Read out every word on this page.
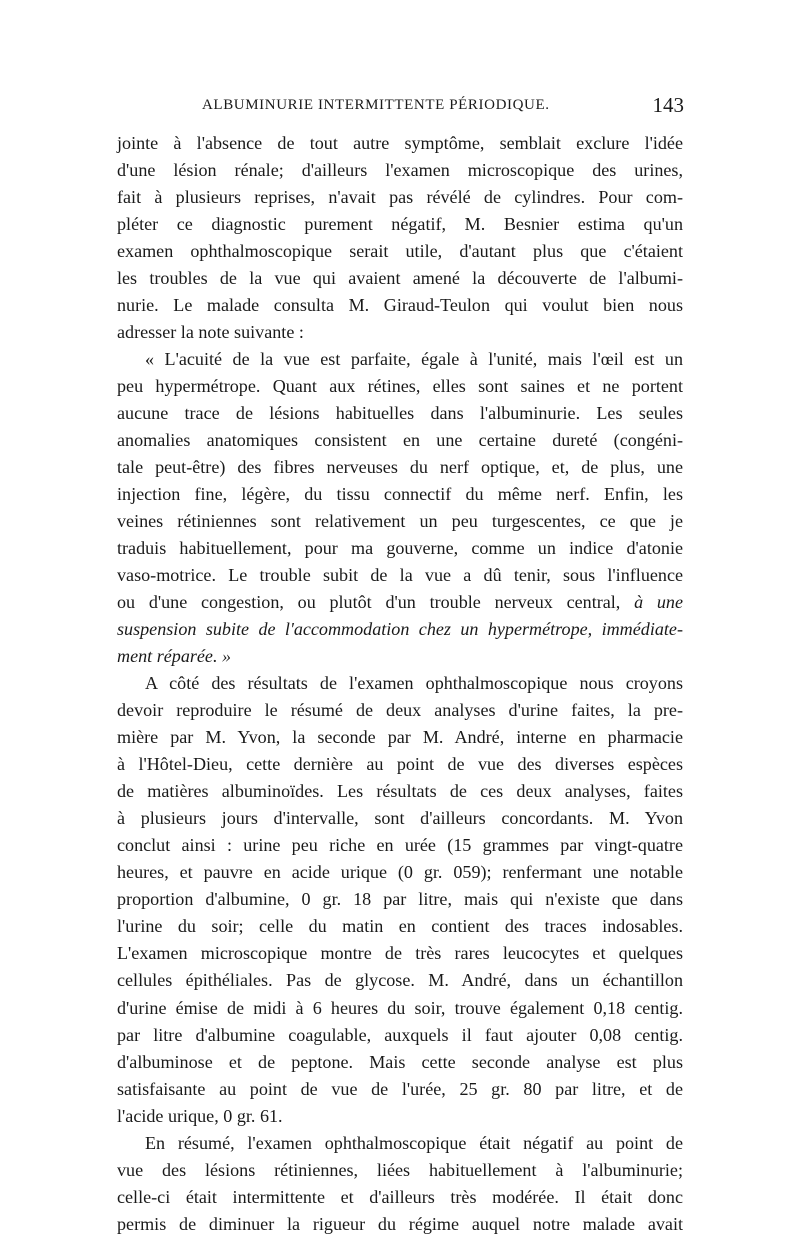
ALBUMINURIE INTERMITTENTE PÉRIODIQUE.	143

jointe à l'absence de tout autre symptôme, semblait exclure l'idée
d'une lésion rénale; d'ailleurs l'examen microscopique des urines,
fait à plusieurs reprises, n'avait pas révélé de cylindres. Pour com-
pléter ce diagnostic purement négatif, M. Besnier estima qu'un
examen ophthalmoscopique serait utile, d'autant plus que c'étaient
les troubles de la vue qui avaient amené la découverte de l'albumi-
nurie. Le malade consulta M. Giraud-Teulon qui voulut bien nous
adresser la note suivante :

« L'acuité de la vue est parfaite, égale à l'unité, mais l'œil est un
peu hypermétrope. Quant aux rétines, elles sont saines et ne portent
aucune trace de lésions habituelles dans l'albuminurie. Les seules
anomalies anatomiques consistent en une certaine dureté (congéni-
tale peut-être) des fibres nerveuses du nerf optique, et, de plus, une
injection fine, légère, du tissu connectif du même nerf. Enfin, les
veines rétiniennes sont relativement un peu turgescentes, ce que je
traduis habituellement, pour ma gouverne, comme un indice d'atonie
vaso-motrice. Le trouble subit de la vue a dû tenir, sous l'influence
ou d'une congestion, ou plutôt d'un trouble nerveux central, à une
suspension subite de l'accommodation chez un hypermétrope, immédiate-
ment réparée. »

A côté des résultats de l'examen ophthalmoscopique nous croyons
devoir reproduire le résumé de deux analyses d'urine faites, la pre-
mière par M. Yvon, la seconde par M. André, interne en pharmacie
à l'Hôtel-Dieu, cette dernière au point de vue des diverses espèces
de matières albuminoïdes. Les résultats de ces deux analyses, faites
à plusieurs jours d'intervalle, sont d'ailleurs concordants. M. Yvon
conclut ainsi : urine peu riche en urée (15 grammes par vingt-quatre
heures, et pauvre en acide urique (0 gr. 059); renfermant une notable
proportion d'albumine, 0 gr. 18 par litre, mais qui n'existe que dans
l'urine du soir; celle du matin en contient des traces indosables.
L'examen microscopique montre de très rares leucocytes et quelques
cellules épithéliales. Pas de glycose. M. André, dans un échantillon
d'urine émise de midi à 6 heures du soir, trouve également 0,18 centig.
par litre d'albumine coagulable, auxquels il faut ajouter 0,08 centig.
d'albuminose et de peptone. Mais cette seconde analyse est plus
satisfaisante au point de vue de l'urée, 25 gr. 80 par litre, et de
l'acide urique, 0 gr. 61.

En résumé, l'examen ophthalmoscopique était négatif au point de
vue des lésions rétiniennes, liées habituellement à l'albuminurie;
celle-ci était intermittente et d'ailleurs très modérée. Il était donc
permis de diminuer la rigueur du régime auquel notre malade avait
